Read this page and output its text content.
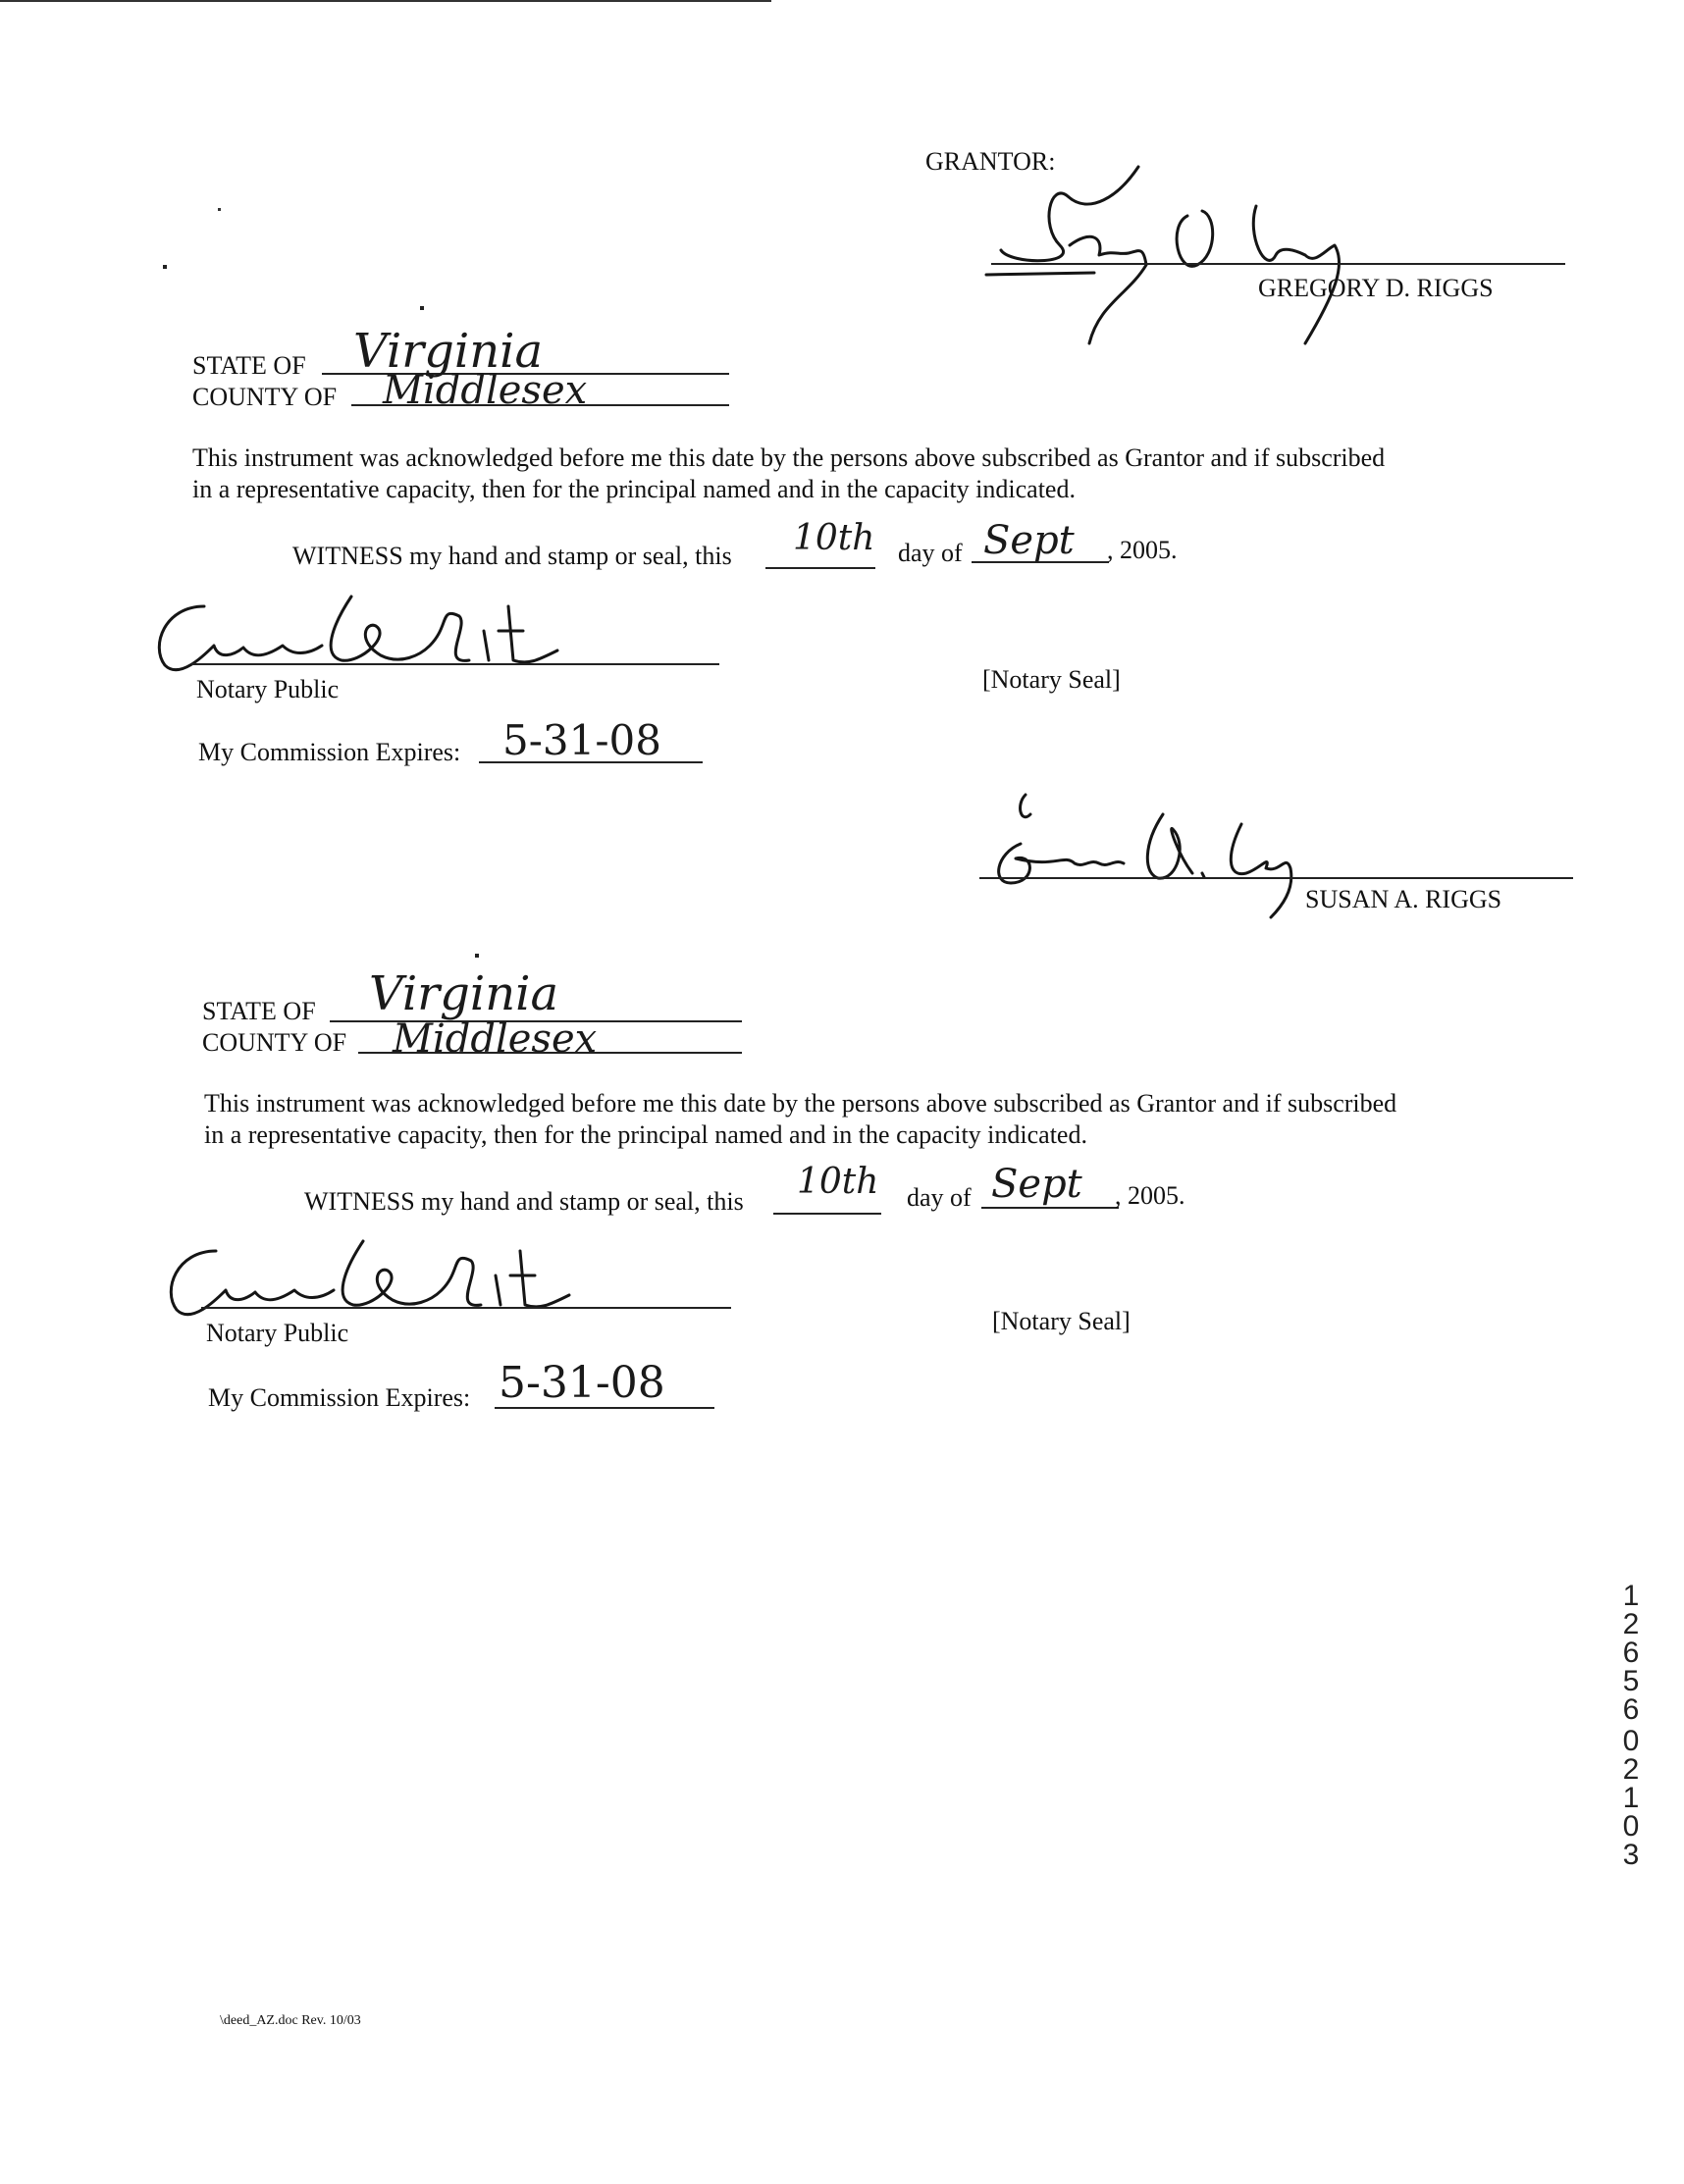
GRANTOR:
GREGORY D. RIGGS
STATE OF Virginia
COUNTY OF Middlesex
This instrument was acknowledged before me this date by the persons above subscribed as Grantor and if subscribed
in a representative capacity, then for the principal named and in the capacity indicated.
WITNESS my hand and stamp or seal, this 10th day of Sept , 2005.
Notary Public	[Notary Seal]
My Commission Expires: 5-31-08
SUSAN A. RIGGS
STATE OF Virginia
COUNTY OF Middlesex
This instrument was acknowledged before me this date by the persons above subscribed as Grantor and if subscribed
in a representative capacity, then for the principal named and in the capacity indicated.
WITNESS my hand and stamp or seal, this 10th day of Sept , 2005.
Notary Public	[Notary Seal]
My Commission Expires: 5-31-08
1
2
6
5
6
0
2
1
0
3
\deed_AZ.doc Rev. 10/03
